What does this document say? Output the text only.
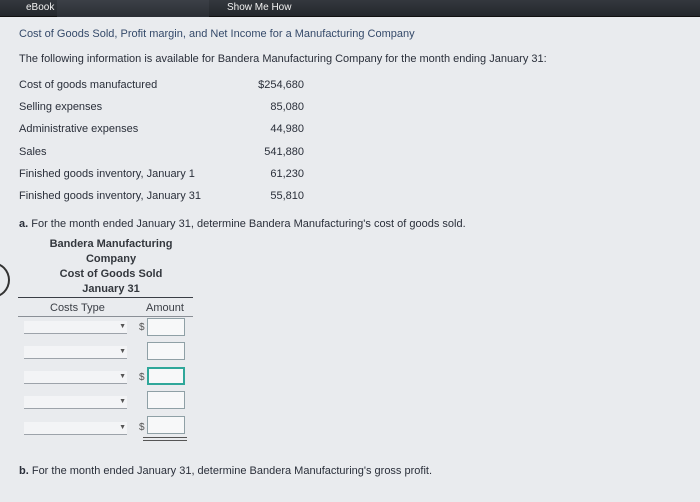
eBook	Show Me How
Cost of Goods Sold, Profit margin, and Net Income for a Manufacturing Company
The following information is available for Bandera Manufacturing Company for the month ending January 31:
Cost of goods manufactured	$254,680
Selling expenses	85,080
Administrative expenses	44,980
Sales	541,880
Finished goods inventory, January 1	61,230
Finished goods inventory, January 31	55,810
a. For the month ended January 31, determine Bandera Manufacturing's cost of goods sold.
Bandera Manufacturing
Company
Cost of Goods Sold
January 31
Costs Type	Amount
▼ $
▼
▼ $
▼
▼ $
b. For the month ended January 31, determine Bandera Manufacturing's gross profit.
